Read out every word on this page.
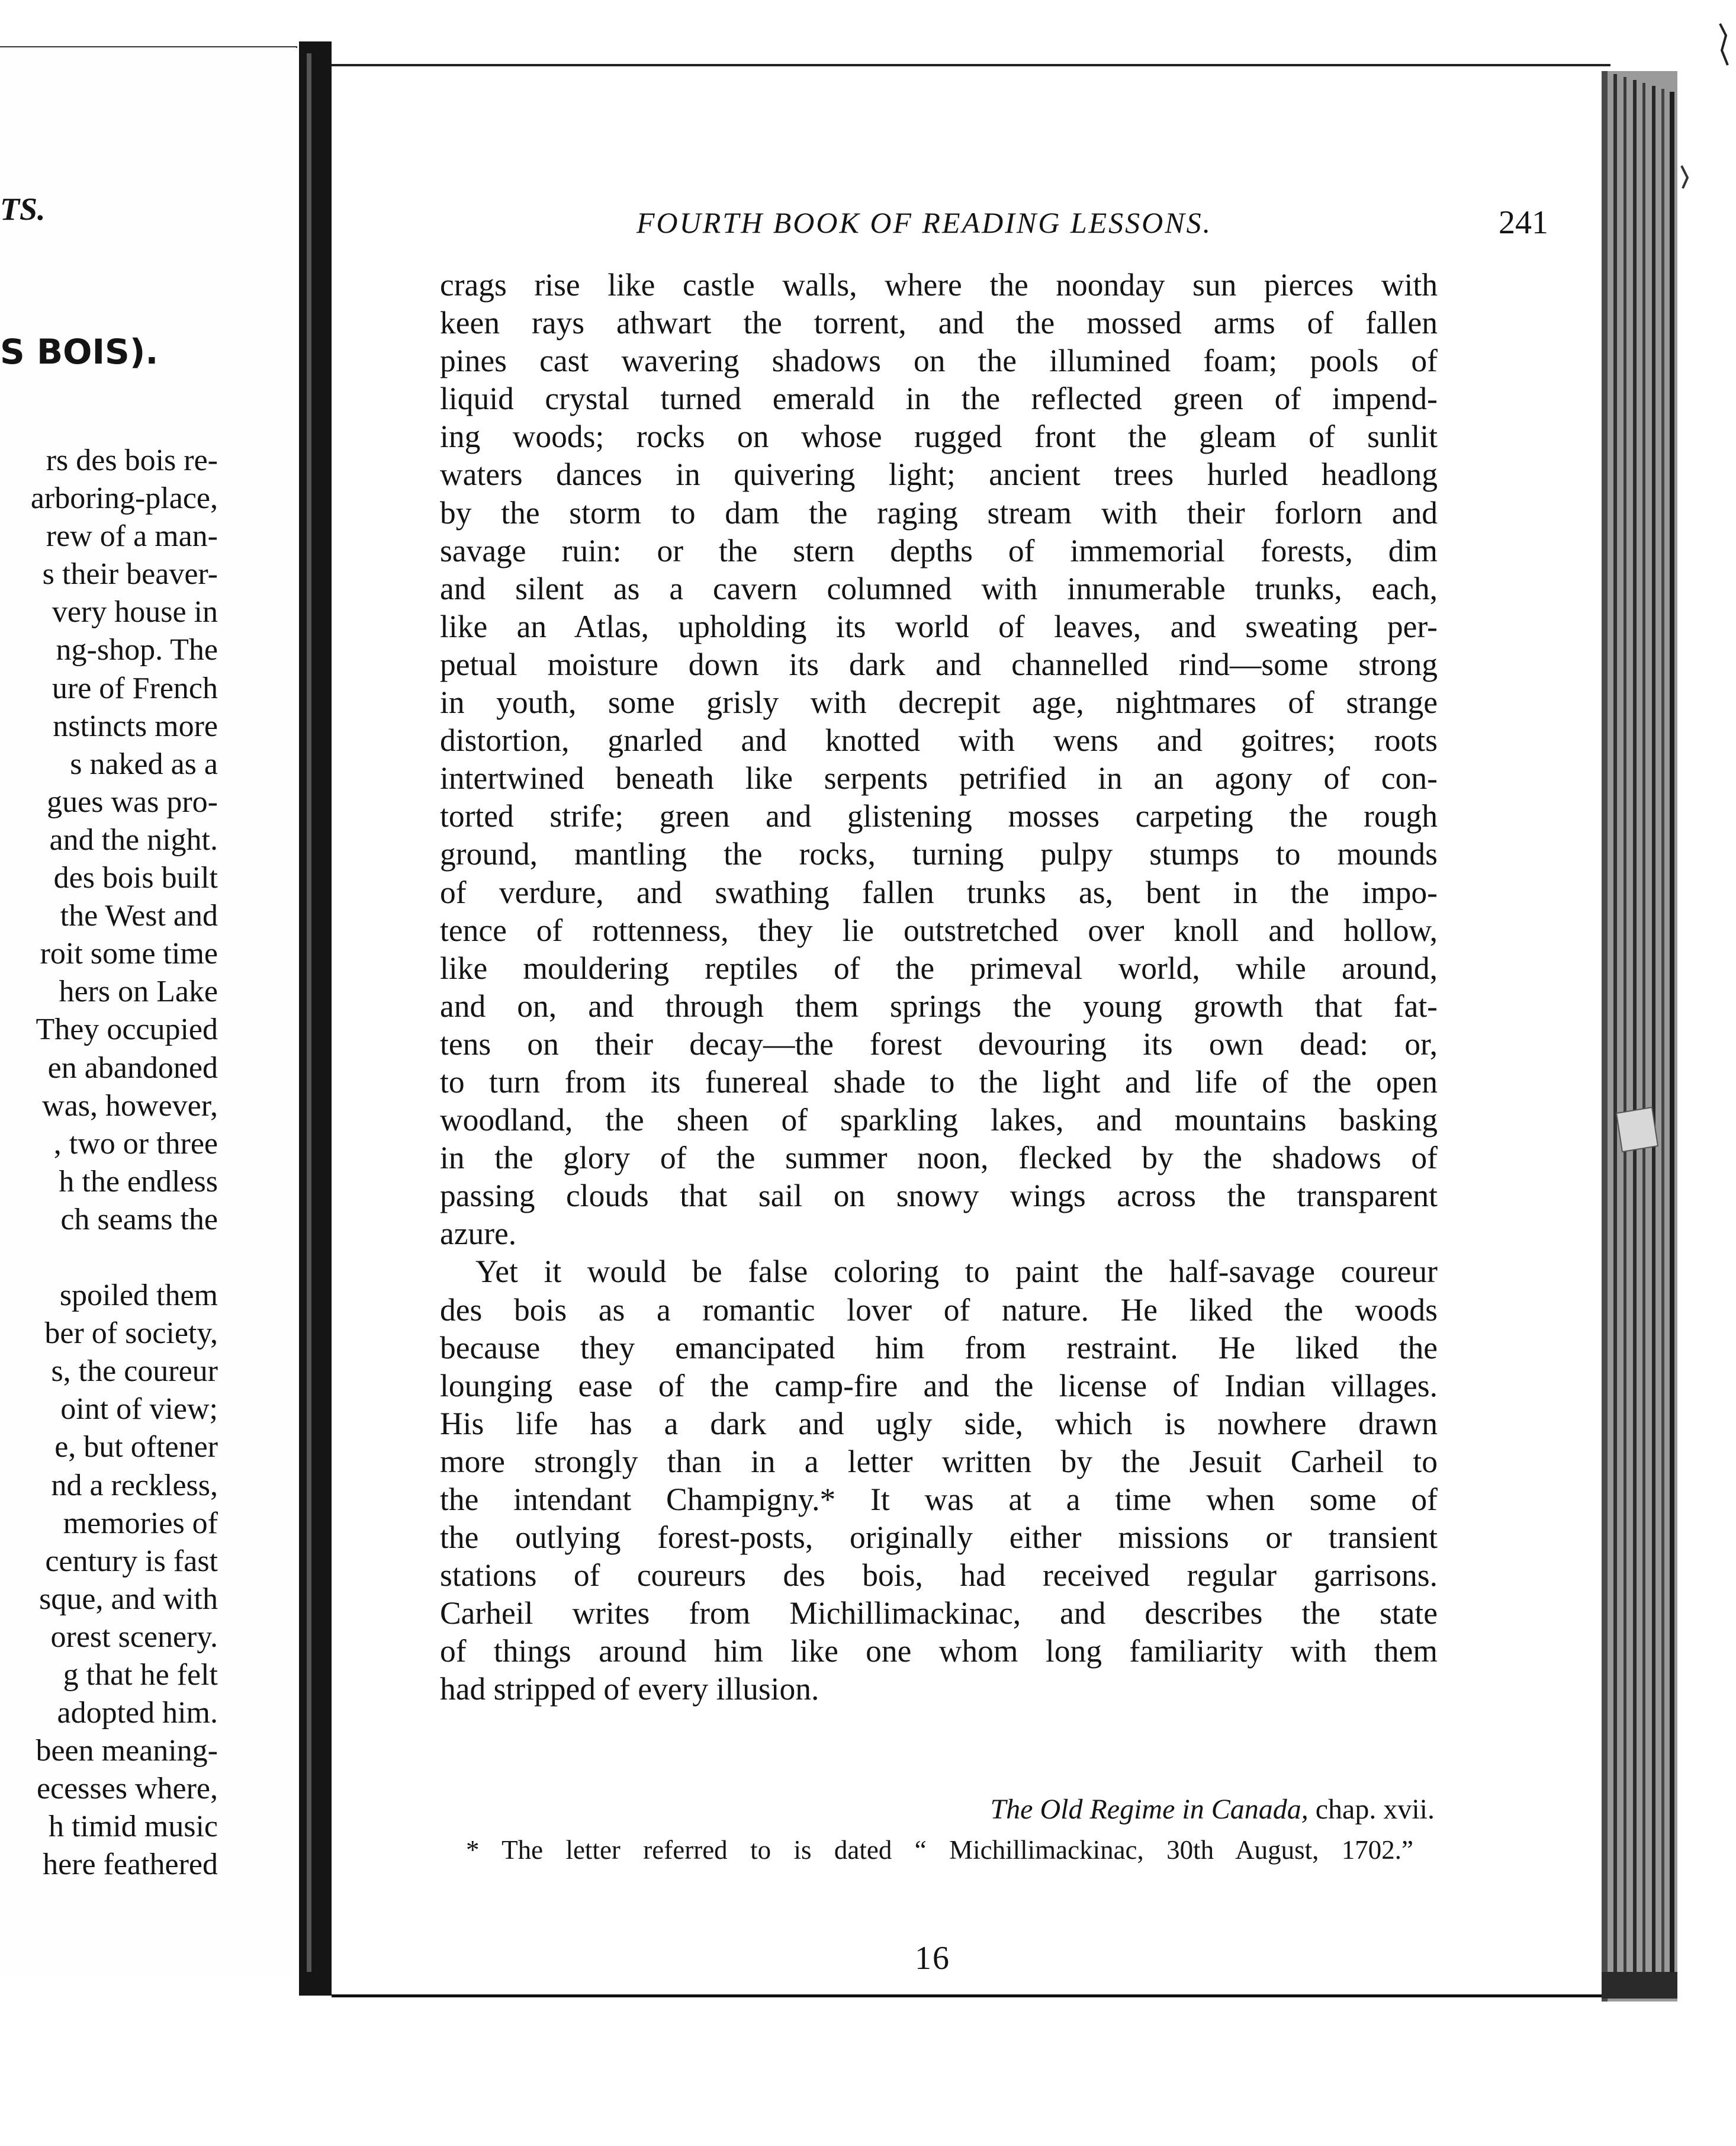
TS.
S BOIS).
rs des bois re-
arboring-place,
rew of a man-
s their beaver-
very house in
ng-shop. The
ure of French
nstincts more
s naked as a
gues was pro-
and the night.
des bois built
the West and
roit some time
hers on Lake
They occupied
en abandoned
was, however,
, two or three
h the endless
ch seams the
spoiled them
ber of society,
s, the coureur
oint of view;
e, but oftener
nd a reckless,
memories of
century is fast
sque, and with
orest scenery.
g that he felt
adopted him.
been meaning-
ecesses where,
h timid music
here feathered
FOURTH BOOK OF READING LESSONS.	241
crags rise like castle walls, where the noonday sun pierces with
keen rays athwart the torrent, and the mossed arms of fallen
pines cast wavering shadows on the illumined foam; pools of
liquid crystal turned emerald in the reflected green of impend-
ing woods; rocks on whose rugged front the gleam of sunlit
waters dances in quivering light; ancient trees hurled headlong
by the storm to dam the raging stream with their forlorn and
savage ruin: or the stern depths of immemorial forests, dim
and silent as a cavern columned with innumerable trunks, each,
like an Atlas, upholding its world of leaves, and sweating per-
petual moisture down its dark and channelled rind—some strong
in youth, some grisly with decrepit age, nightmares of strange
distortion, gnarled and knotted with wens and goitres; roots
intertwined beneath like serpents petrified in an agony of con-
torted strife; green and glistening mosses carpeting the rough
ground, mantling the rocks, turning pulpy stumps to mounds
of verdure, and swathing fallen trunks as, bent in the impo-
tence of rottenness, they lie outstretched over knoll and hollow,
like mouldering reptiles of the primeval world, while around,
and on, and through them springs the young growth that fat-
tens on their decay—the forest devouring its own dead: or,
to turn from its funereal shade to the light and life of the open
woodland, the sheen of sparkling lakes, and mountains basking
in the glory of the summer noon, flecked by the shadows of
passing clouds that sail on snowy wings across the transparent
azure.
Yet it would be false coloring to paint the half-savage coureur
des bois as a romantic lover of nature. He liked the woods
because they emancipated him from restraint. He liked the
lounging ease of the camp-fire and the license of Indian villages.
His life has a dark and ugly side, which is nowhere drawn
more strongly than in a letter written by the Jesuit Carheil to
the intendant Champigny.* It was at a time when some of
the outlying forest-posts, originally either missions or transient
stations of coureurs des bois, had received regular garrisons.
Carheil writes from Michillimackinac, and describes the state
of things around him like one whom long familiarity with them
had stripped of every illusion.
The Old Regime in Canada, chap. xvii.
* The letter referred to is dated “ Michillimackinac, 30th August, 1702.”
16
